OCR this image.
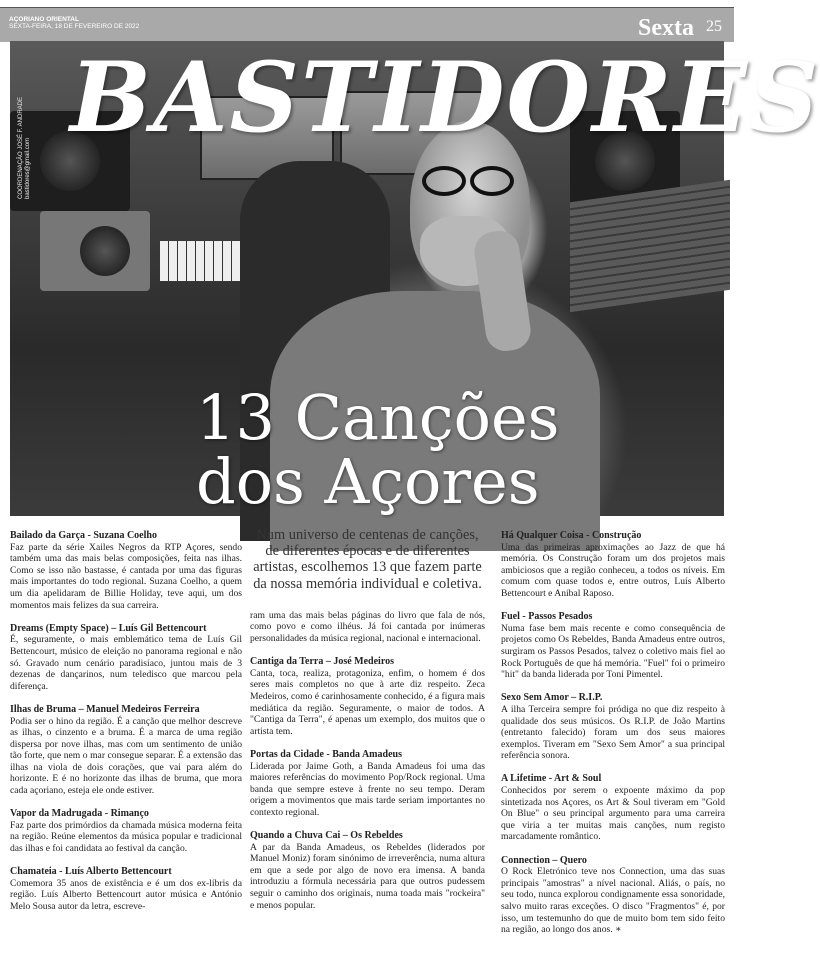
AÇORIANO ORIENTAL
SEXTA-FEIRA, 18 DE FEVEREIRO DE 2022	Sexta 25
COORDENAÇÃO JOSÉ F. ANDRADE
bastidores@gmail.com
BASTIDORES
13 Canções
dos Açores
Bailado da Garça - Suzana Coelho

Faz parte da série Xailes Negros da RTP Açores, sendo também uma das mais belas composições, feita nas ilhas. Como se isso não bastasse, é cantada por uma das figuras mais importantes do todo regional. Suzana Coelho, a quem um dia apelidaram de Billie Holiday, teve aqui, um dos momentos mais felizes da sua carreira.

Dreams (Empty Space) – Luís Gil Bettencourt

É, seguramente, o mais emblemático tema de Luís Gil Bettencourt, músico de eleição no panorama regional e não só. Gravado num cenário paradisíaco, juntou mais de 3 dezenas de dançarinos, num teledisco que marcou pela diferença.

Ilhas de Bruma – Manuel Medeiros Ferreira

Podia ser o hino da região. É a canção que melhor descreve as ilhas, o cinzento e a bruma. É a marca de uma região dispersa por nove ilhas, mas com um sentimento de união tão forte, que nem o mar consegue separar. É a extensão das ilhas na viola de dois corações, que vai para além do horizonte. E é no horizonte das ilhas de bruma, que mora cada açoriano, esteja ele onde estiver.

Vapor da Madrugada - Rimanço

Faz parte dos primórdios da chamada música moderna feita na região. Reúne elementos da música popular e tradicional das ilhas e foi candidata ao festival da canção.

Chamateia - Luís Alberto Bettencourt

Comemora 35 anos de existência e é um dos ex-líbris da região. Luís Alberto Bettencourt autor música e António Melo Sousa autor da letra, escreve-

Num universo de centenas de canções, de diferentes épocas e de diferentes artistas, escolhemos 13 que fazem parte da nossa memória individual e coletiva.

ram uma das mais belas páginas do livro que fala de nós, como povo e como ilhéus. Já foi cantada por inúmeras personalidades da música regional, nacional e internacional.

Cantiga da Terra – José Medeiros

Canta, toca, realiza, protagoniza, enfim, o homem é dos seres mais completos no que à arte diz respeito. Zeca Medeiros, como é carinhosamente conhecido, é a figura mais mediática da região. Seguramente, o maior de todos. A "Cantiga da Terra", é apenas um exemplo, dos muitos que o artista tem.

Portas da Cidade - Banda Amadeus

Liderada por Jaime Goth, a Banda Amadeus foi uma das maiores referências do movimento Pop/Rock regional. Uma banda que sempre esteve à frente no seu tempo. Deram origem a movimentos que mais tarde seriam importantes no contexto regional.

Quando a Chuva Cai – Os Rebeldes

A par da Banda Amadeus, os Rebeldes (liderados por Manuel Moniz) foram sinónimo de irreverência, numa altura em que a sede por algo de novo era imensa. A banda introduziu a fórmula necessária para que outros pudessem seguir o caminho dos originais, numa toada mais "rockeira" e menos popular.

Há Qualquer Coisa - Construção

Uma das primeiras aproximações ao Jazz de que há memória. Os Construção foram um dos projetos mais ambiciosos que a região conheceu, a todos os níveis. Em comum com quase todos e, entre outros, Luís Alberto Bettencourt e Aníbal Raposo.

Fuel - Passos Pesados

Numa fase bem mais recente e como consequência de projetos como Os Rebeldes, Banda Amadeus entre outros, surgiram os Passos Pesados, talvez o coletivo mais fiel ao Rock Português de que há memória. "Fuel" foi o primeiro "hit" da banda liderada por Toni Pimentel.

Sexo Sem Amor – R.I.P.

A ilha Terceira sempre foi pródiga no que diz respeito à qualidade dos seus músicos. Os R.I.P. de João Martins (entretanto falecido) foram um dos seus maiores exemplos. Tiveram em "Sexo Sem Amor" a sua principal referência sonora.

A Lifetime - Art & Soul

Conhecidos por serem o expoente máximo da pop sintetizada nos Açores, os Art & Soul tiveram em "Gold On Blue" o seu principal argumento para uma carreira que viria a ter muitas mais canções, num registo marcadamente romântico.

Connection – Quero

O Rock Eletrónico teve nos Connection, uma das suas principais "amostras" a nível nacional. Aliás, o país, no seu todo, nunca explorou condignamente essa sonoridade, salvo muito raras exceções. O disco "Fragmentos" é, por isso, um testemunho do que de muito bom tem sido feito na região, ao longo dos anos. ∗
